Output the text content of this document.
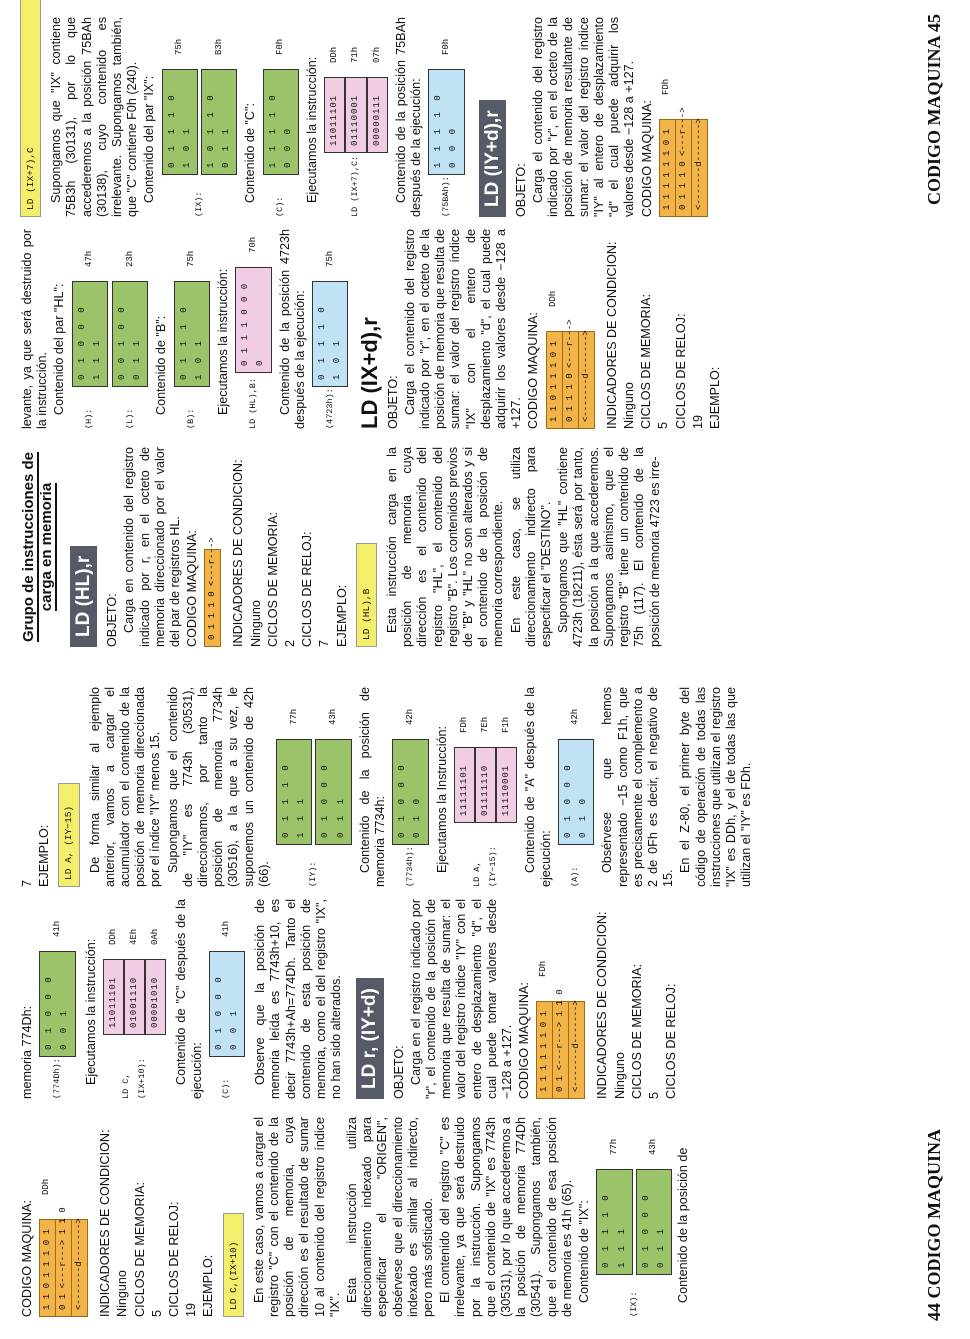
CODIGO MAQUINA: 1 1 0 1 1 1 0 1 0 1 <---r---> 1 1 0 <-------d------->
DDh	INDICADORES DE CONDICION: Ninguno CICLOS DE MEMORIA: 5 CICLOS DE RELOJ: 19 EJEMPLO: LD C,(IX+10) En este caso, vamos a cargar el registro "C" con el contenido de la posición de memoria, cuya dirección es el resultado de sumar 10 al contenido del registro índice "IX".

Esta instrucción utiliza direccionamiento indexado para especificar el "ORIGEN", obsérvese que el direccionamiento indexado es similar al indirecto, pero más sofisticado. El contenido del registro "C" es irrelevante, ya que será destruido por la instrucción. Supongamos que el contenido de "IX" es 7743h (30531), por lo que accederemos a la posición de memoria 774Dh (30541). Supongamos también, que el contenido de esa posición de memoria es 41h (65). Contenido de "IX":

(IX):
0 1 1 1 0 1 1 1
77h
0 1 0 0 0 0 1 1
43h

Contenido de la posición de

memoria 774Dh: (774Dh):
0 1 0 0 0 0 0 1
41h

Ejecutamos la instrucción:

LD C,(IX+10):
11011101
DDh
01001110
4Eh
00001010
0Ah Contenido de "C" después de la ejecución: (C):
0 1 0 0 0 0 0 1
41h Observe que la posición de memoria leída es 7743h+10, es decir 7743h+Ah=774Dh. Tanto el contenido de esta posición de memoria, como el del registro "IX", no han sido alterados. LD r, (IY+d) OBJETO: Carga en el registro indicado por "r", el contenido de la posición de memoria que resulta de sumar: el valor del registro índice "IY" con el entero de desplazamiento "d", el cual puede tomar valores desde −128 a +127. CODIGO MAQUINA: 1 1 1 1 1 1 0 1 0 1 <---r---> 1 1 0 <-------d------->
FDh	INDICADORES DE CONDICION: Ninguno CICLOS DE MEMORIA: 5 CICLOS DE RELOJ:

7 EJEMPLO: LD A, (IY−15) De forma similar al ejemplo anterior, vamos a cargar el acumulador con el contenido de la posición de memoria direccionada por el índice "IY" menos 15. Supongamos que el contenido de "IY" es 7743h (30531), direccionamos, por tanto la posición de memoria 7734h (30516), a la que a su vez, le suponemos un contenido de 42h (66).	(IY):
0 1 1 1 0 1 1 1
77h
0 1 0 0 0 0 1 1
43h Contenido de la posición de memoria 7734h: (7734h):
0 1 0 0 0 0 1 0
42h

Ejecutamos la Instrucción:

LD A, (IY−15):
11111101
FDh
01111110
7Eh
11110001
F1h Contenido de "A" después de la ejecución: (A):
0 1 0 0 0 0 1 0
42h Obsérvese que hemos representado −15 como F1h, que es precisamente el complemento a 2 de 0Fh es decir, el negativo de 15.

En el Z-80, el primer byte del código de operación de todas las instrucciones que utilizan el registro "IX" es DDh, y el de todas las que utilizan el "IY" es FDh.

44 CODIGO MAQUINA
Grupo de instrucciones de carga en memoria LD (HL),r OBJETO: Carga en contenido del registro indicado por r, en el octeto de memoria direccionado por el valor del par de registros HL. CODIGO MAQUINA: 0 1 1 1 0 <---r---> INDICADORES DE CONDICION: Ninguno CICLOS DE MEMORIA: 2 CICLOS DE RELOJ: 7 EJEMPLO: LD (HL),B Esta instrucción carga en la posición de memoria cuya dirección es el contenido del registro "HL", el contenido del registro "B". Los contenidos previos de "B" y "HL" no son alterados y si el contenido de la posición de memoria correspondiente. En este caso, se utiliza direccionamiento indirecto para especificar el "DESTINO". Supongamos que "HL" contiene 4723h (18211), ésta será por tanto, la posición a la que accederemos. Supongamos asimismo, que el registro "B" tiene un contenido de 75h (117). El contenido de la posición de memoria 4723 es irre-

levante, ya que será destruido por la instrucción. Contenido del par "HL":

(H):
0 1 0 0 0 1 1 1
47h
(L):
0 0 1 0 0 0 1 1
23h

Contenido de "B":

(B):
0 1 1 1 0 1 0 1
75h

Ejecutamos la instrucción: LD (HL),B:
0 1 1 1 0 0 0 0
70h Contenido de la posición 4723h después de la ejecución: (4723h):
0 1 1 1 0 1 0 1
75h
LD (IX+d),r OBJETO: Carga el contenido del registro indicado por "r", en el octeto de la posición de memoria que resulta de sumar: el valor del registro índice "IX" con el entero de desplazamiento "d", el cual puede adquirir los valores desde −128 a +127. CODIGO MAQUINA: 1 1 0 1 1 1 0 1 0 1 1 1 0 <---r---> <-------d------->
DDh	INDICADORES DE CONDICION: Ninguno CICLOS DE MEMORIA: 5 CICLOS DE RELOJ: 19 EJEMPLO:

LD (IX+7),C Supongamos que "IX" contiene 75B3h (30131), por lo que accederemos a la posición 75BAh (30138), cuyo contenido es irrelevante. Supongamos también, que "C" contiene F0h (240). Contenido del par "IX":

(IX):
0 1 1 1 0 1 0 1
75h
1 0 1 1 0 0 1 1
B3h

Contenido de "C":

(C):
1 1 1 1 0 0 0 0
F0h

Ejecutamos la instrucción:	LD (IX+7),C:
11011101
DDh
01110001
71h
00000111
07h Contenido de la posición 75BAh después de la ejecución: (75BAh):
1 1 1 1 0 0 0 0
F0h
LD (IY+d),r OBJETO: Carga el contenido del registro indicado por "r", en el octeto de la posición de memoria resultante de sumar: el valor del registro índice "IY" al entero de desplazamiento "d" el cual puede adquirir los valores desde −128 a +127. CODIGO MAQUINA: 1 1 1 1 1 1 0 1 0 1 1 1 0 <---r---> <-------d------->
FDh	CODIGO MAQUINA 45
